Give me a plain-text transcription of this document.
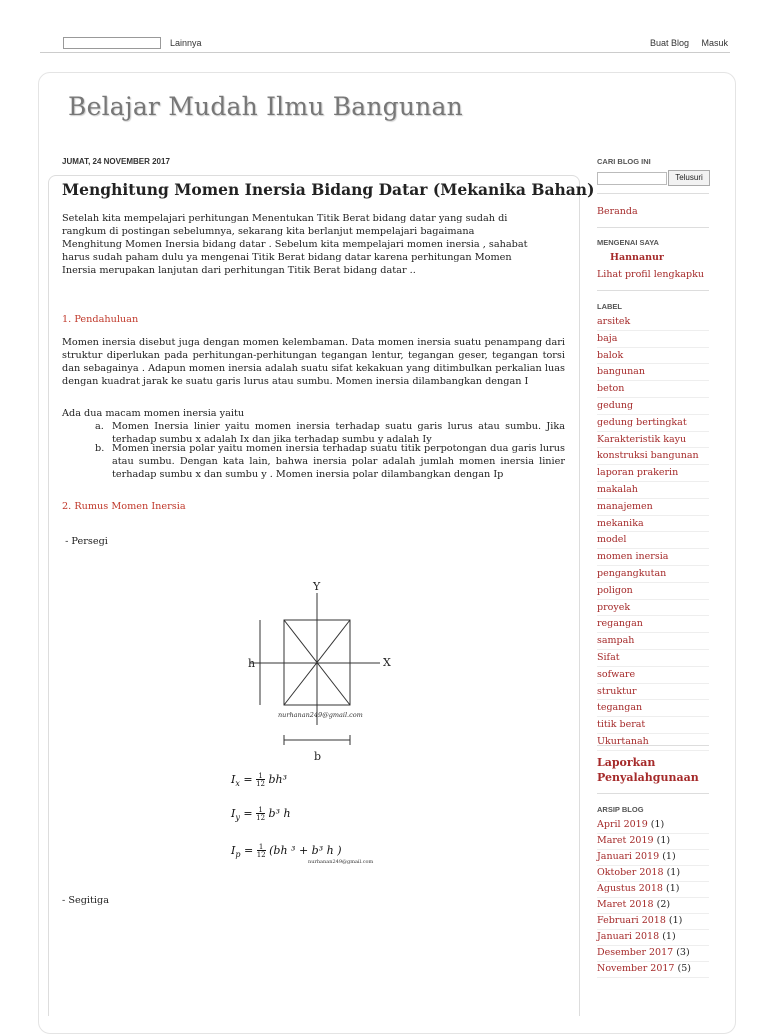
Lainnya	Buat Blog Masuk
Belajar Mudah Ilmu Bangunan
JUMAT, 24 NOVEMBER 2017
Menghitung Momen Inersia Bidang Datar (Mekanika Bahan)
Setelah kita mempelajari perhitungan Menentukan Titik Berat bidang datar yang sudah di rangkum di postingan sebelumnya, sekarang kita berlanjut mempelajari bagaimana Menghitung Momen Inersia bidang datar . Sebelum kita mempelajari momen inersia , sahabat harus sudah paham dulu ya mengenai Titik Berat bidang datar karena perhitungan Momen Inersia merupakan lanjutan dari perhitungan Titik Berat bidang datar ..
1. Pendahuluan
Momen inersia disebut juga dengan momen kelembaman. Data momen inersia suatu penampang dari struktur diperlukan pada perhitungan-perhitungan tegangan lentur, tegangan geser, tegangan torsi dan sebagainya . Adapun momen inersia adalah suatu sifat kekakuan yang ditimbulkan perkalian luas dengan kuadrat jarak ke suatu garis lurus atau sumbu. Momen inersia dilambangkan dengan I
Ada dua macam momen inersia yaitu
a. Momen Inersia linier yaitu momen inersia terhadap suatu garis lurus atau sumbu. Jika terhadap sumbu x adalah Ix dan jika terhadap sumbu y adalah Iy
b. Momen inersia polar yaitu momen inersia terhadap suatu titik perpotongan dua garis lurus atau sumbu. Dengan kata lain, bahwa inersia polar adalah jumlah momen inersia linier terhadap sumbu x dan sumbu y . Momen inersia polar dilambangkan dengan Ip
2. Rumus Momen Inersia
- Persegi
Y
X
h
b
nurhanan249@gmail.com
$I_x = \frac{1}{12} bh^3$
$I_y = \frac{1}{12} b^3$ h
$I_p = \frac{1}{12} (bh$ ³ + b³ h )
nurhanan249@gmail.com
- Segitiga
CARI BLOG INI
Telusuri
Beranda
MENGENAI SAYA
Hannanur
Lihat profil lengkapku
LABEL
arsitek
baja
balok
bangunan
beton
gedung
gedung bertingkat
Karakteristik kayu
konstruksi bangunan
laporan prakerin
makalah
manajemen
mekanika
model
momen inersia
pengangkutan
poligon
proyek
regangan
sampah
Sifat
sofware
struktur
tegangan
titik berat
Ukurtanah
Laporkan Penyalahgunaan
ARSIP BLOG
April 2019 (1)
Maret 2019 (1)
Januari 2019 (1)
Oktober 2018 (1)
Agustus 2018 (1)
Maret 2018 (2)
Februari 2018 (1)
Januari 2018 (1)
Desember 2017 (3)
November 2017 (5)
